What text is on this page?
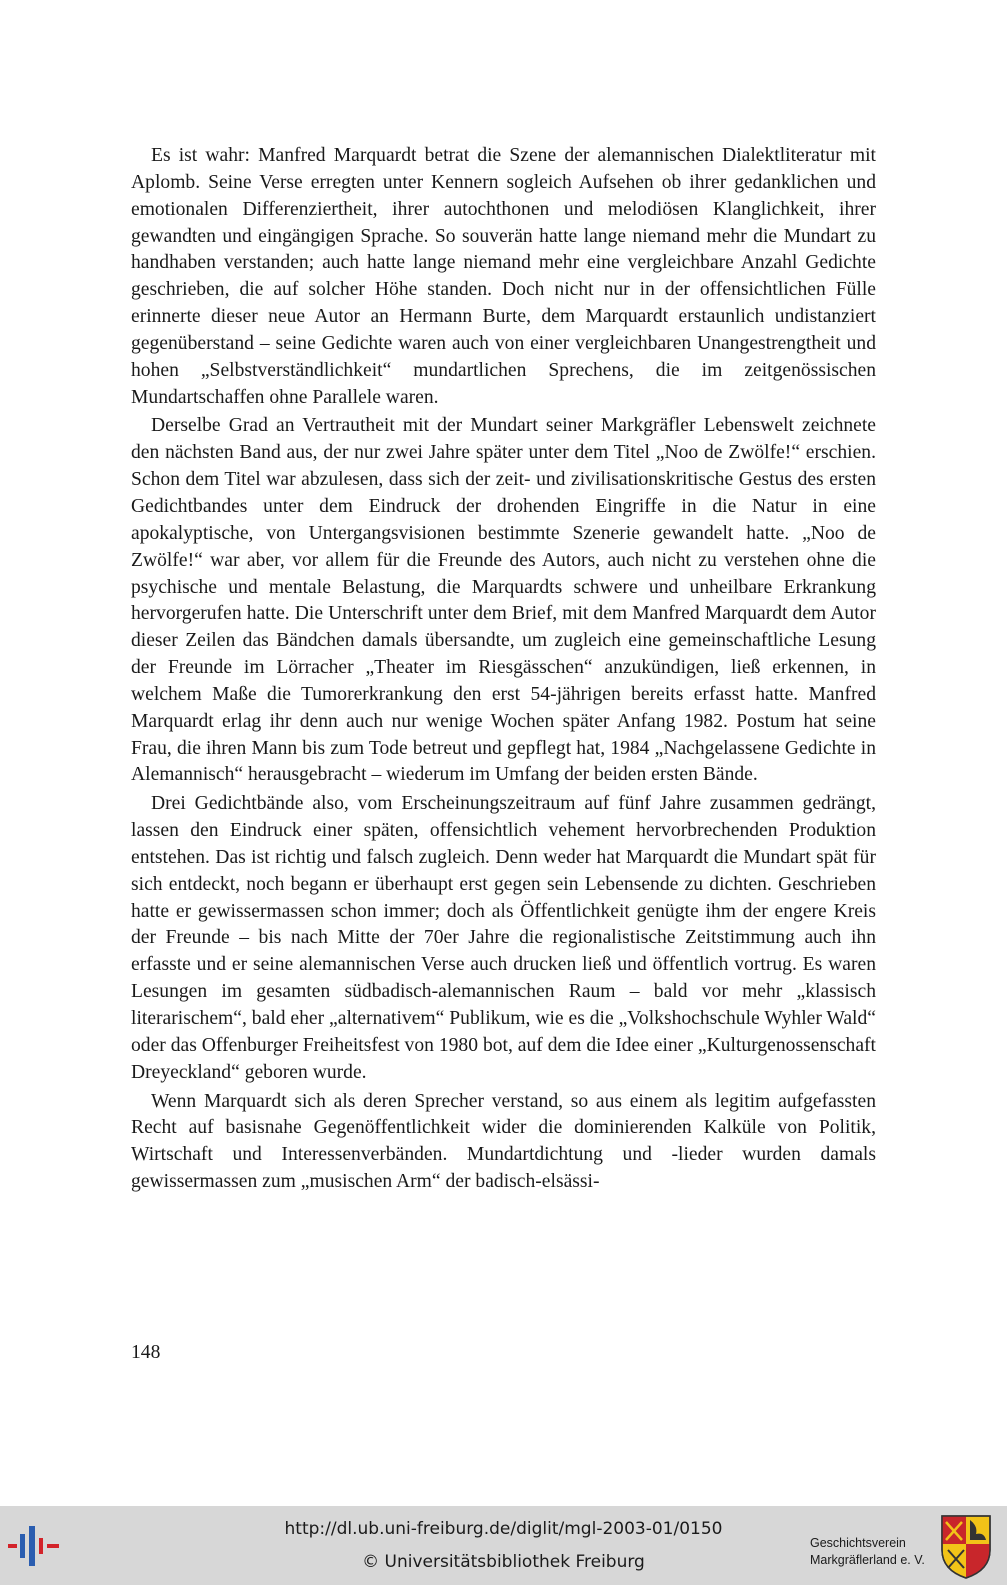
Es ist wahr: Manfred Marquardt betrat die Szene der alemannischen Dialektliteratur mit Aplomb. Seine Verse erregten unter Kennern sogleich Aufsehen ob ihrer gedanklichen und emotionalen Differenziertheit, ihrer autochthonen und melodiösen Klanglichkeit, ihrer gewandten und eingängigen Sprache. So souverän hatte lange niemand mehr die Mundart zu handhaben verstanden; auch hatte lange niemand mehr eine vergleichbare Anzahl Gedichte geschrieben, die auf solcher Höhe standen. Doch nicht nur in der offensichtlichen Fülle erinnerte dieser neue Autor an Hermann Burte, dem Marquardt erstaunlich undistanziert gegenüberstand – seine Gedichte waren auch von einer vergleichbaren Unangestrengtheit und hohen „Selbstverständlichkeit“ mundartlichen Sprechens, die im zeitgenössischen Mundartschaffen ohne Parallele waren.

Derselbe Grad an Vertrautheit mit der Mundart seiner Markgräfler Lebenswelt zeichnete den nächsten Band aus, der nur zwei Jahre später unter dem Titel „Noo de Zwölfe!“ erschien. Schon dem Titel war abzulesen, dass sich der zeit- und zivilisationskritische Gestus des ersten Gedichtbandes unter dem Eindruck der drohenden Eingriffe in die Natur in eine apokalyptische, von Untergangsvisionen bestimmte Szenerie gewandelt hatte. „Noo de Zwölfe!“ war aber, vor allem für die Freunde des Autors, auch nicht zu verstehen ohne die psychische und mentale Belastung, die Marquardts schwere und unheilbare Erkrankung hervorgerufen hatte. Die Unterschrift unter dem Brief, mit dem Manfred Marquardt dem Autor dieser Zeilen das Bändchen damals übersandte, um zugleich eine gemeinschaftliche Lesung der Freunde im Lörracher „Theater im Riesgässchen“ anzukündigen, ließ erkennen, in welchem Maße die Tumorerkrankung den erst 54-jährigen bereits erfasst hatte. Manfred Marquardt erlag ihr denn auch nur wenige Wochen später Anfang 1982. Postum hat seine Frau, die ihren Mann bis zum Tode betreut und gepflegt hat, 1984 „Nachgelassene Gedichte in Alemannisch“ herausgebracht – wiederum im Umfang der beiden ersten Bände.

Drei Gedichtbände also, vom Erscheinungszeitraum auf fünf Jahre zusammen gedrängt, lassen den Eindruck einer späten, offensichtlich vehement hervorbrechenden Produktion entstehen. Das ist richtig und falsch zugleich. Denn weder hat Marquardt die Mundart spät für sich entdeckt, noch begann er überhaupt erst gegen sein Lebensende zu dichten. Geschrieben hatte er gewissermassen schon immer; doch als Öffentlichkeit genügte ihm der engere Kreis der Freunde – bis nach Mitte der 70er Jahre die regionalistische Zeitstimmung auch ihn erfasste und er seine alemannischen Verse auch drucken ließ und öffentlich vortrug. Es waren Lesungen im gesamten südbadisch-alemannischen Raum – bald vor mehr „klassisch literarischem“, bald eher „alternativem“ Publikum, wie es die „Volkshochschule Wyhler Wald“ oder das Offenburger Freiheitsfest von 1980 bot, auf dem die Idee einer „Kulturgenossenschaft Dreyeckland“ geboren wurde.

Wenn Marquardt sich als deren Sprecher verstand, so aus einem als legitim aufgefassten Recht auf basisnahe Gegenöffentlichkeit wider die dominierenden Kalküle von Politik, Wirtschaft und Interessenverbänden. Mundartdichtung und -lieder wurden damals gewissermassen zum „musischen Arm“ der badisch-elsässi-

148
http://dl.ub.uni-freiburg.de/diglit/mgl-2003-01/0150
© Universitätsbibliothek Freiburg
Geschichtsverein
Markgräflerland e. V.
